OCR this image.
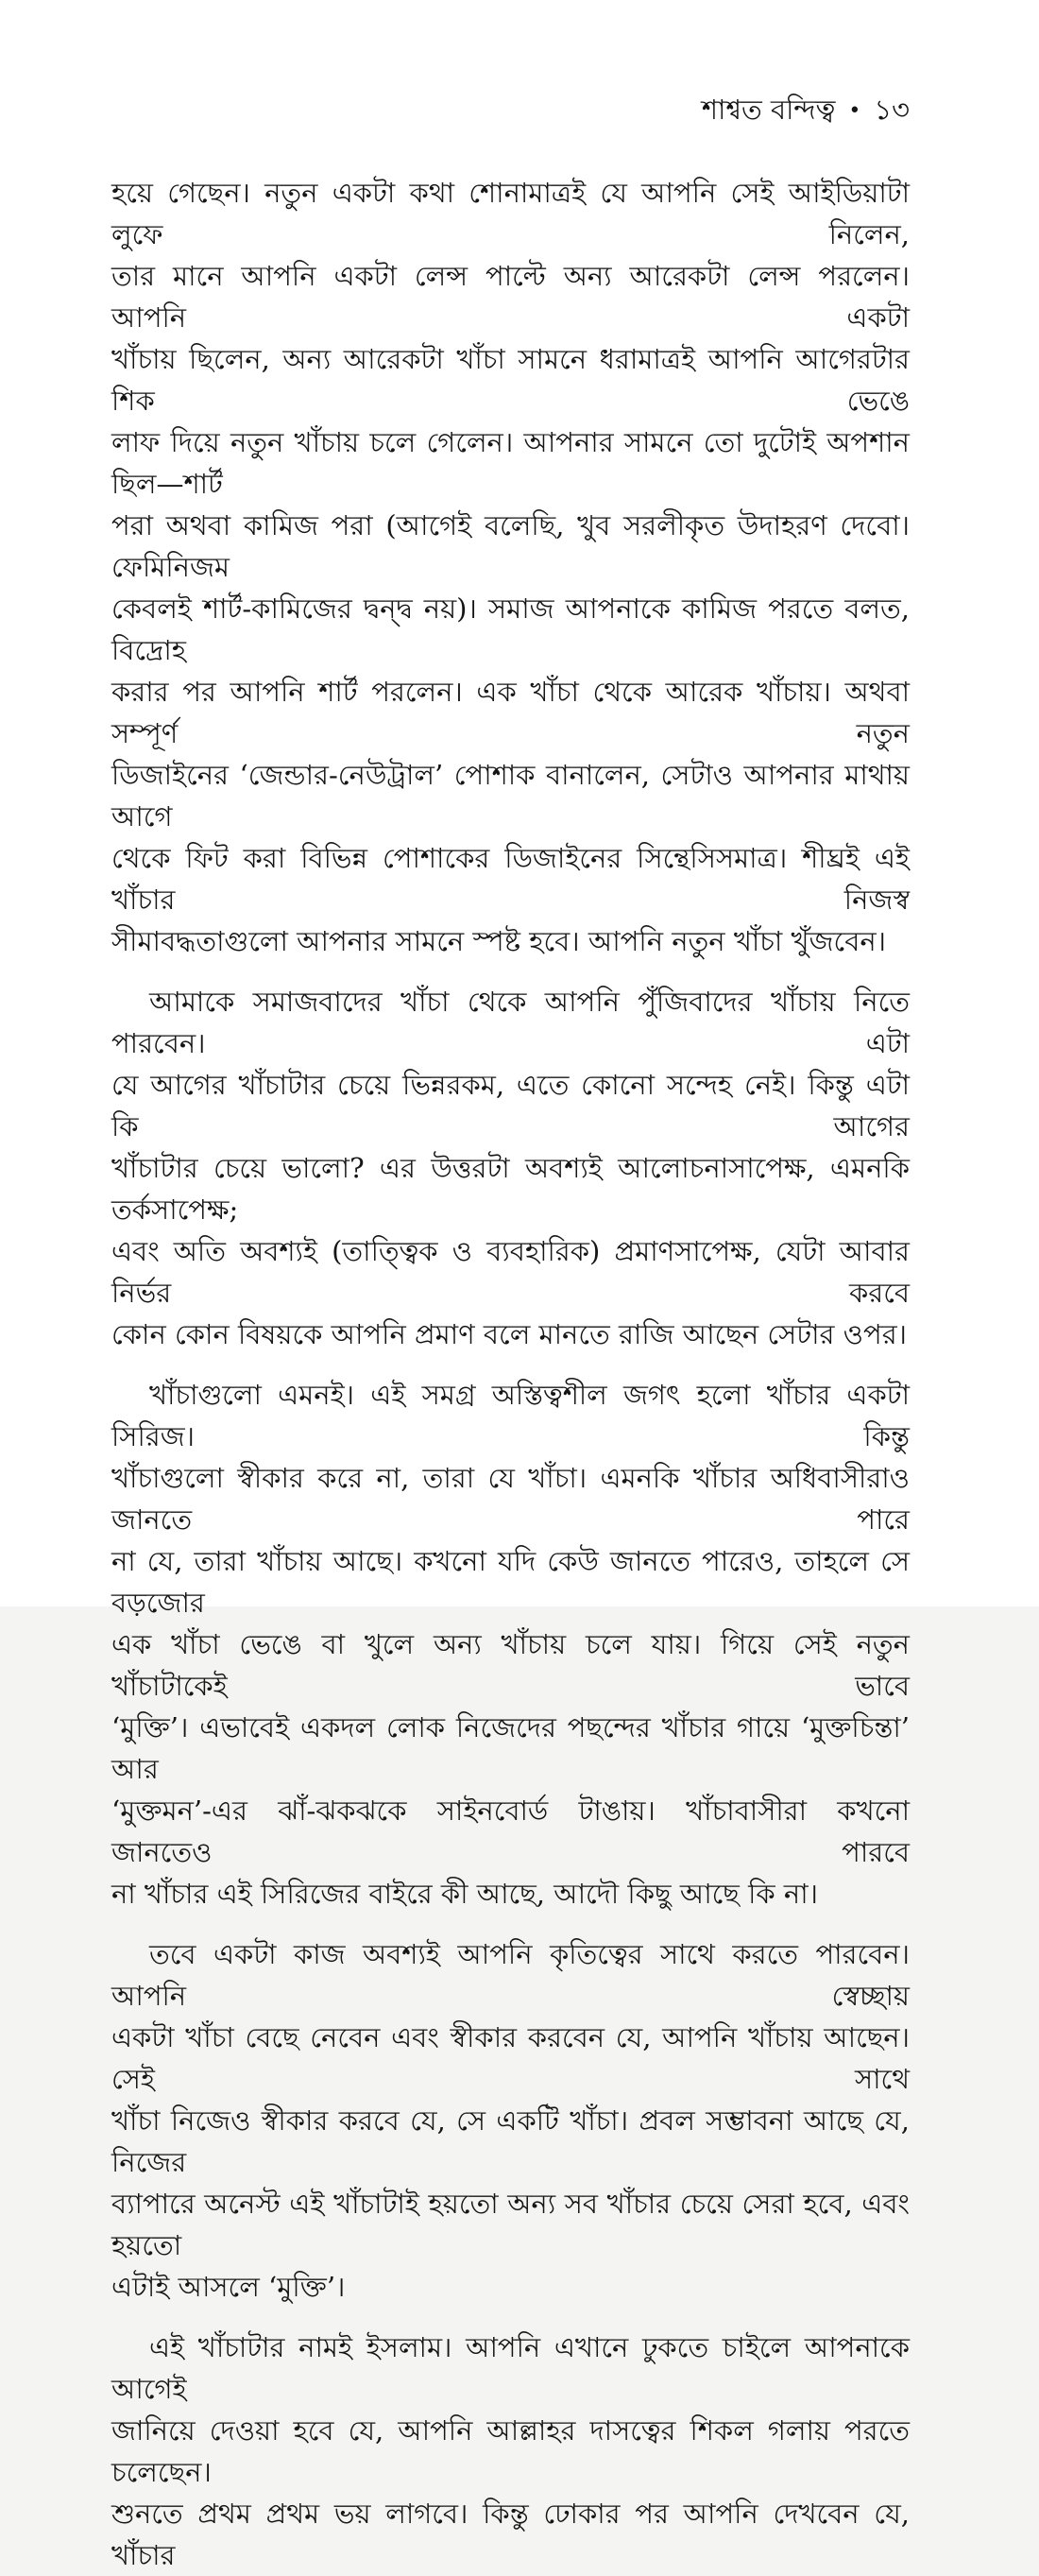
শাশ্বত বন্দিত্ব • ১৩
হয়ে গেছেন। নতুন একটা কথা শোনামাত্রই যে আপনি সেই আইডিয়াটা লুফে নিলেন,
তার মানে আপনি একটা লেন্স পাল্টে অন্য আরেকটা লেন্স পরলেন। আপনি একটা
খাঁচায় ছিলেন, অন্য আরেকটা খাঁচা সামনে ধরামাত্রই আপনি আগেরটার শিক ভেঙে
লাফ দিয়ে নতুন খাঁচায় চলে গেলেন। আপনার সামনে তো দুটোই অপশান ছিল—শার্ট
পরা অথবা কামিজ পরা (আগেই বলেছি, খুব সরলীকৃত উদাহরণ দেবো। ফেমিনিজম
কেবলই শার্ট-কামিজের দ্বন্দ্ব নয়)। সমাজ আপনাকে কামিজ পরতে বলত, বিদ্রোহ
করার পর আপনি শার্ট পরলেন। এক খাঁচা থেকে আরেক খাঁচায়। অথবা সম্পূর্ণ নতুন
ডিজাইনের ‘জেন্ডার-নেউট্রাল’ পোশাক বানালেন, সেটাও আপনার মাথায় আগে
থেকে ফিট করা বিভিন্ন পোশাকের ডিজাইনের সিন্থেসিসমাত্র। শীঘ্রই এই খাঁচার নিজস্ব
সীমাবদ্ধতাগুলো আপনার সামনে স্পষ্ট হবে। আপনি নতুন খাঁচা খুঁজবেন।
আমাকে সমাজবাদের খাঁচা থেকে আপনি পুঁজিবাদের খাঁচায় নিতে পারবেন। এটা
যে আগের খাঁচাটার চেয়ে ভিন্নরকম, এতে কোনো সন্দেহ নেই। কিন্তু এটা কি আগের
খাঁচাটার চেয়ে ভালো? এর উত্তরটা অবশ্যই আলোচনাসাপেক্ষ, এমনকি তর্কসাপেক্ষ;
এবং অতি অবশ্যই (তাত্ত্বিক ও ব্যবহারিক) প্রমাণসাপেক্ষ, যেটা আবার নির্ভর করবে
কোন কোন বিষয়কে আপনি প্রমাণ বলে মানতে রাজি আছেন সেটার ওপর।
খাঁচাগুলো এমনই। এই সমগ্র অস্তিত্বশীল জগৎ হলো খাঁচার একটা সিরিজ। কিন্তু
খাঁচাগুলো স্বীকার করে না, তারা যে খাঁচা। এমনকি খাঁচার অধিবাসীরাও জানতে পারে
না যে, তারা খাঁচায় আছে। কখনো যদি কেউ জানতে পারেও, তাহলে সে বড়জোর
এক খাঁচা ভেঙে বা খুলে অন্য খাঁচায় চলে যায়। গিয়ে সেই নতুন খাঁচাটাকেই ভাবে
‘মুক্তি’। এভাবেই একদল লোক নিজেদের পছন্দের খাঁচার গায়ে ‘মুক্তচিন্তা’ আর
‘মুক্তমন’-এর ঝাঁ-ঝকঝকে সাইনবোর্ড টাঙায়। খাঁচাবাসীরা কখনো জানতেও পারবে
না খাঁচার এই সিরিজের বাইরে কী আছে, আদৌ কিছু আছে কি না।
তবে একটা কাজ অবশ্যই আপনি কৃতিত্বের সাথে করতে পারবেন। আপনি স্বেচ্ছায়
একটা খাঁচা বেছে নেবেন এবং স্বীকার করবেন যে, আপনি খাঁচায় আছেন। সেই সাথে
খাঁচা নিজেও স্বীকার করবে যে, সে একটি খাঁচা। প্রবল সম্ভাবনা আছে যে, নিজের
ব্যাপারে অনেস্ট এই খাঁচাটাই হয়তো অন্য সব খাঁচার চেয়ে সেরা হবে, এবং হয়তো
এটাই আসলে ‘মুক্তি’।
এই খাঁচাটার নামই ইসলাম। আপনি এখানে ঢুকতে চাইলে আপনাকে আগেই
জানিয়ে দেওয়া হবে যে, আপনি আল্লাহর দাসত্বের শিকল গলায় পরতে চলেছেন।
শুনতে প্রথম প্রথম ভয় লাগবে। কিন্তু ঢোকার পর আপনি দেখবেন যে, খাঁচার
